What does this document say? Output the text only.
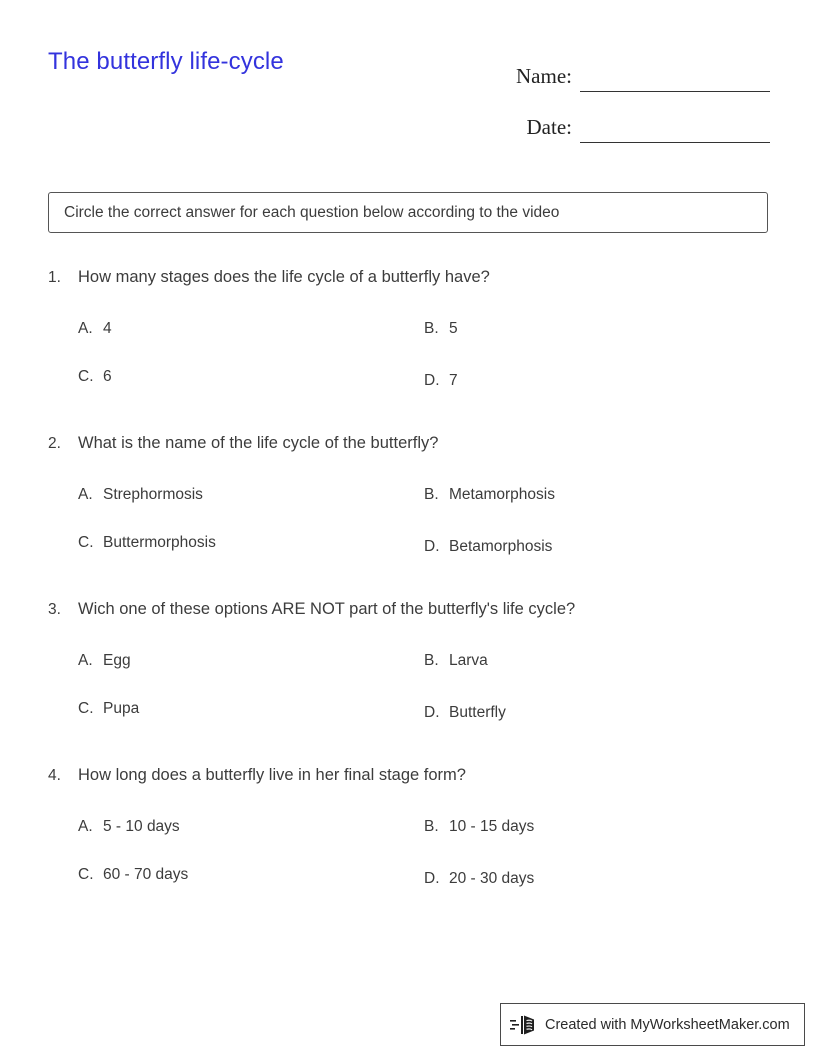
The butterfly life-cycle
Name:
Date:
Circle the correct answer for each question below according to the video
1. How many stages does the life cycle of a butterfly have?
A. 4	B. 5
C. 6	D. 7
2. What is the name of the life cycle of the butterfly?
A. Strephormosis	B. Metamorphosis
C. Buttermorphosis	D. Betamorphosis
3. Wich one of these options ARE NOT part of the butterfly's life cycle?
A. Egg	B. Larva
C. Pupa	D. Butterfly
4. How long does a butterfly live in her final stage form?
A. 5 - 10 days	B. 10 - 15 days
C. 60 - 70 days	D. 20 - 30 days
Created with MyWorksheetMaker.com
